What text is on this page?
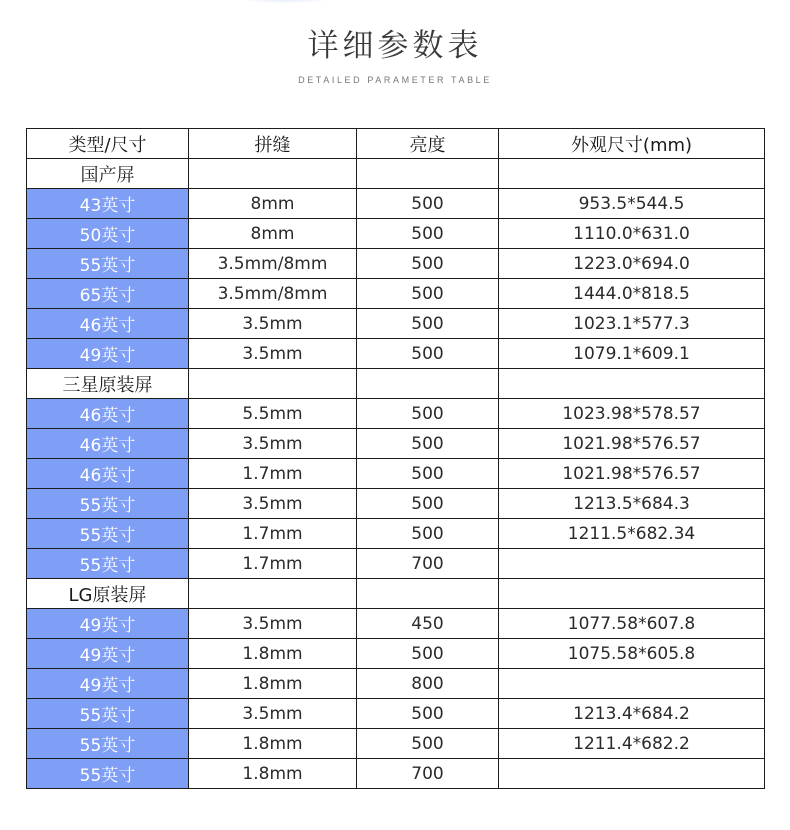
详细参数表
DETAILED PARAMETER TABLE
类型/尺寸	拼缝	亮度	外观尺寸(mm)
国产屏			
43英寸	8mm	500	953.5*544.5
50英寸	8mm	500	1110.0*631.0
55英寸	3.5mm/8mm	500	1223.0*694.0
65英寸	3.5mm/8mm	500	1444.0*818.5
46英寸	3.5mm	500	1023.1*577.3
49英寸	3.5mm	500	1079.1*609.1
三星原装屏			
46英寸	5.5mm	500	1023.98*578.57
46英寸	3.5mm	500	1021.98*576.57
46英寸	1.7mm	500	1021.98*576.57
55英寸	3.5mm	500	1213.5*684.3
55英寸	1.7mm	500	1211.5*682.34
55英寸	1.7mm	700	
LG原装屏			
49英寸	3.5mm	450	1077.58*607.8
49英寸	1.8mm	500	1075.58*605.8
49英寸	1.8mm	800	
55英寸	3.5mm	500	1213.4*684.2
55英寸	1.8mm	500	1211.4*682.2
55英寸	1.8mm	700	
